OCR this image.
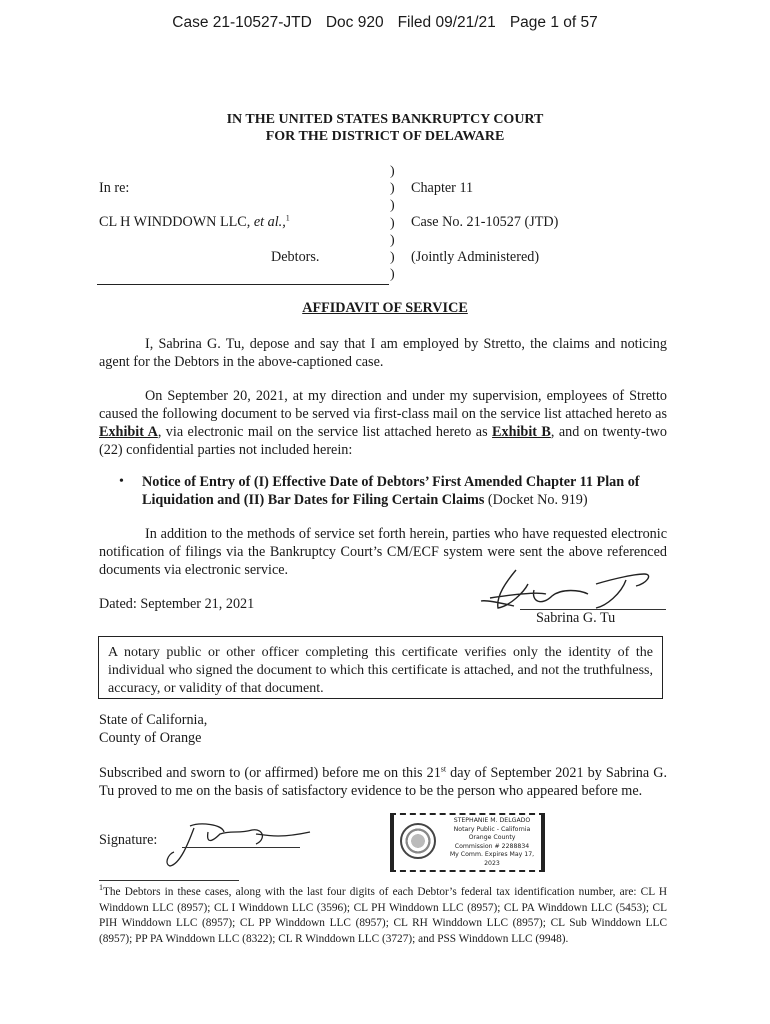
Case 21-10527-JTD Doc 920 Filed 09/21/21 Page 1 of 57
IN THE UNITED STATES BANKRUPTCY COURT
FOR THE DISTRICT OF DELAWARE
In re:
CL H WINDDOWN LLC, et al.,$^1$
Debtors.
)
)
)
)
)
)
)
Chapter 11
Case No. 21-10527 (JTD)
(Jointly Administered)
AFFIDAVIT OF SERVICE
I, Sabrina G. Tu, depose and say that I am employed by Stretto, the claims and noticing agent for the Debtors in the above-captioned case.
On September 20, 2021, at my direction and under my supervision, employees of Stretto caused the following document to be served via first-class mail on the service list attached hereto as Exhibit A, via electronic mail on the service list attached hereto as Exhibit B, and on twenty-two (22) confidential parties not included herein:
• Notice of Entry of (I) Effective Date of Debtors’ First Amended Chapter 11 Plan of Liquidation and (II) Bar Dates for Filing Certain Claims (Docket No. 919)
In addition to the methods of service set forth herein, parties who have requested electronic notification of filings via the Bankruptcy Court’s CM/ECF system were sent the above referenced documents via electronic service.
Dated: September 21, 2021
Sabrina G. Tu
A notary public or other officer completing this certificate verifies only the identity of the individual who signed the document to which this certificate is attached, and not the truthfulness, accuracy, or validity of that document.
State of California,
County of Orange
Subscribed and sworn to (or affirmed) before me on this 21st day of September 2021 by Sabrina G. Tu proved to me on the basis of satisfactory evidence to be the person who appeared before me.
Signature:
STEPHANIE M. DELGADO
Notary Public - California
Orange County
Commission # 2288834
My Comm. Expires May 17, 2023
$^1$The Debtors in these cases, along with the last four digits of each Debtor’s federal tax identification number, are: CL H Winddown LLC (8957); CL I Winddown LLC (3596); CL PH Winddown LLC (8957); CL PA Winddown LLC (5453); CL PIH Winddown LLC (8957); CL PP Winddown LLC (8957); CL RH Winddown LLC (8957); CL Sub Winddown LLC (8957); PP PA Winddown LLC (8322); CL R Winddown LLC (3727); and PSS Winddown LLC (9948).
